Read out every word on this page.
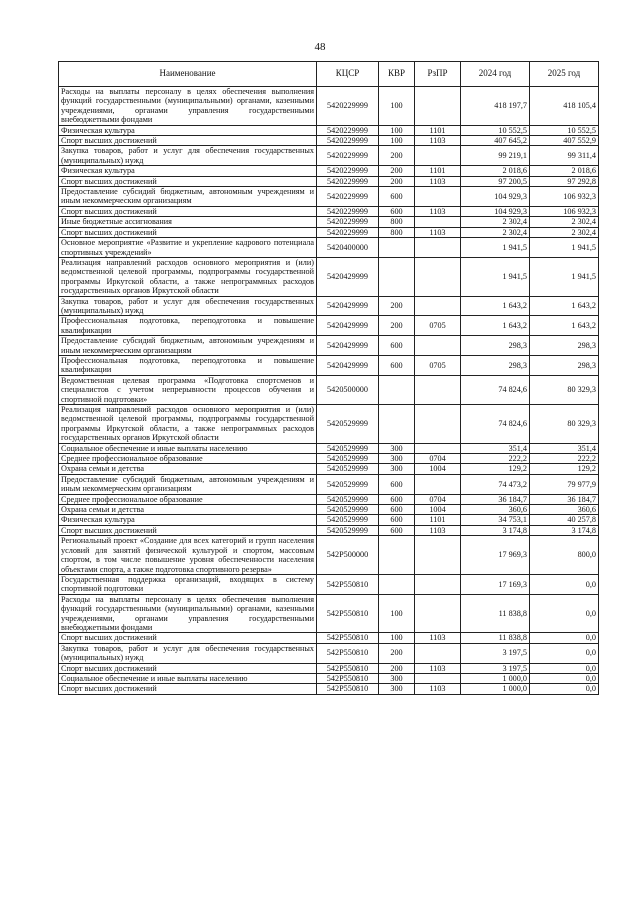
48
Наименование	КЦСР	КВР	РзПР	2024 год	2025 год
Расходы на выплаты персоналу в целях обеспечения выполнения функций государственными (муниципальными) органами, казенными учреждениями, органами управления государственными внебюджетными фондами	5420229999	100		418 197,7	418 105,4
Физическая культура	5420229999	100	1101	10 552,5	10 552,5
Спорт высших достижений	5420229999	100	1103	407 645,2	407 552,9
Закупка товаров, работ и услуг для обеспечения государственных (муниципальных) нужд	5420229999	200		99 219,1	99 311,4
Физическая культура	5420229999	200	1101	2 018,6	2 018,6
Спорт высших достижений	5420229999	200	1103	97 200,5	97 292,8
Предоставление субсидий бюджетным, автономным учреждениям и иным некоммерческим организациям	5420229999	600		104 929,3	106 932,3
Спорт высших достижений	5420229999	600	1103	104 929,3	106 932,3
Иные бюджетные ассигнования	5420229999	800		2 302,4	2 302,4
Спорт высших достижений	5420229999	800	1103	2 302,4	2 302,4
Основное мероприятие «Развитие и укрепление кадрового потенциала спортивных учреждений»	5420400000			1 941,5	1 941,5
Реализация направлений расходов основного мероприятия и (или) ведомственной целевой программы, подпрограммы государственной программы Иркутской области, а также непрограммных расходов государственных органов Иркутской области	5420429999			1 941,5	1 941,5
Закупка товаров, работ и услуг для обеспечения государственных (муниципальных) нужд	5420429999	200		1 643,2	1 643,2
Профессиональная подготовка, переподготовка и повышение квалификации	5420429999	200	0705	1 643,2	1 643,2
Предоставление субсидий бюджетным, автономным учреждениям и иным некоммерческим организациям	5420429999	600		298,3	298,3
Профессиональная подготовка, переподготовка и повышение квалификации	5420429999	600	0705	298,3	298,3
Ведомственная целевая программа «Подготовка спортсменов и специалистов с учетом непрерывности процессов обучения и спортивной подготовки»	5420500000			74 824,6	80 329,3
Реализация направлений расходов основного мероприятия и (или) ведомственной целевой программы, подпрограммы государственной программы Иркутской области, а также непрограммных расходов государственных органов Иркутской области	5420529999			74 824,6	80 329,3
Социальное обеспечение и иные выплаты населению	5420529999	300		351,4	351,4
Среднее профессиональное образование	5420529999	300	0704	222,2	222,2
Охрана семьи и детства	5420529999	300	1004	129,2	129,2
Предоставление субсидий бюджетным, автономным учреждениям и иным некоммерческим организациям	5420529999	600		74 473,2	79 977,9
Среднее профессиональное образование	5420529999	600	0704	36 184,7	36 184,7
Охрана семьи и детства	5420529999	600	1004	360,6	360,6
Физическая культура	5420529999	600	1101	34 753,1	40 257,8
Спорт высших достижений	5420529999	600	1103	3 174,8	3 174,8
Региональный проект «Создание для всех категорий и групп населения условий для занятий физической культурой и спортом, массовым спортом, в том числе повышение уровня обеспеченности населения объектами спорта, а также подготовка спортивного резерва»	542P500000			17 969,3	800,0
Государственная поддержка организаций, входящих в систему спортивной подготовки	542P550810			17 169,3	0,0
Расходы на выплаты персоналу в целях обеспечения выполнения функций государственными (муниципальными) органами, казенными учреждениями, органами управления государственными внебюджетными фондами	542P550810	100		11 838,8	0,0
Спорт высших достижений	542P550810	100	1103	11 838,8	0,0
Закупка товаров, работ и услуг для обеспечения государственных (муниципальных) нужд	542P550810	200		3 197,5	0,0
Спорт высших достижений	542P550810	200	1103	3 197,5	0,0
Социальное обеспечение и иные выплаты населению	542P550810	300		1 000,0	0,0
Спорт высших достижений	542P550810	300	1103	1 000,0	0,0
